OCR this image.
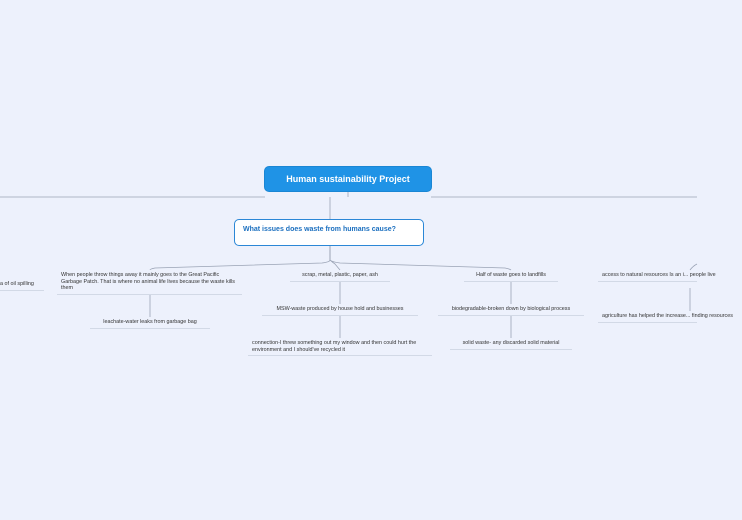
Human sustainability Project
What issues does waste from humans cause?
a of oil spilling
When people throw things away it mainly goes to the Great Pacific Garbage Patch. That is where no animal life lives because the waste kills them
leachate-water leaks from garbage bag
scrap, metal, plastic, paper, ash
MSW-waste produced by house hold and businesses
connection-I threw something out my window and then could hurt the environment and I should've recycled it
Half of waste goes to landfills
biodegradable-broken down by biological process
solid waste- any discarded solid material
access to natural resources Is an i... people live
agriculture has helped the increase... finding resources
